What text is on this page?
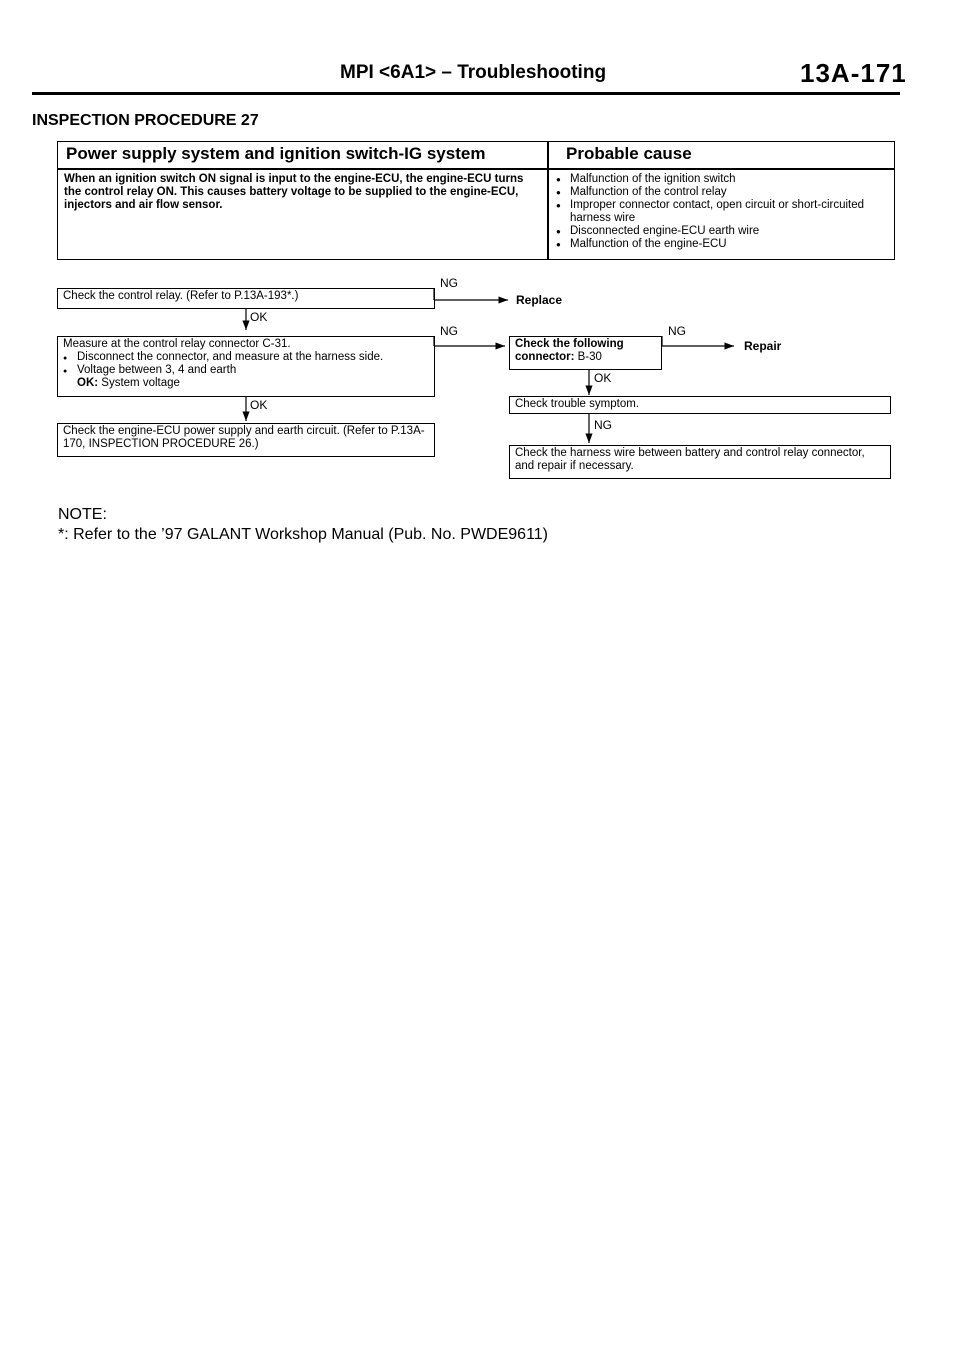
MPI <6A1> – Troubleshooting	13A-171
INSPECTION PROCEDURE 27
Power supply system and ignition switch-IG system	Probable cause
When an ignition switch ON signal is input to the engine-ECU, the engine-ECU turns the control relay ON. This causes battery voltage to be supplied to the engine-ECU, injectors and air flow sensor.
● Malfunction of the ignition switch
● Malfunction of the control relay
● Improper connector contact, open circuit or short-circuited harness wire
● Disconnected engine-ECU earth wire
● Malfunction of the engine-ECU
Check the control relay. (Refer to P.13A-193*.)
NG
Replace
OK
Measure at the control relay connector C-31.
● Disconnect the connector, and measure at the harness side.
● Voltage between 3, 4 and earth
OK: System voltage
NG
OK
Check the engine-ECU power supply and earth circuit. (Refer to P.13A-170, INSPECTION PROCEDURE 26.)
Check the following
connector: B-30
NG
Repair
OK
Check trouble symptom.
NG
Check the harness wire between battery and control relay connector, and repair if necessary.
NOTE:
*: Refer to the ’97 GALANT Workshop Manual (Pub. No. PWDE9611)
